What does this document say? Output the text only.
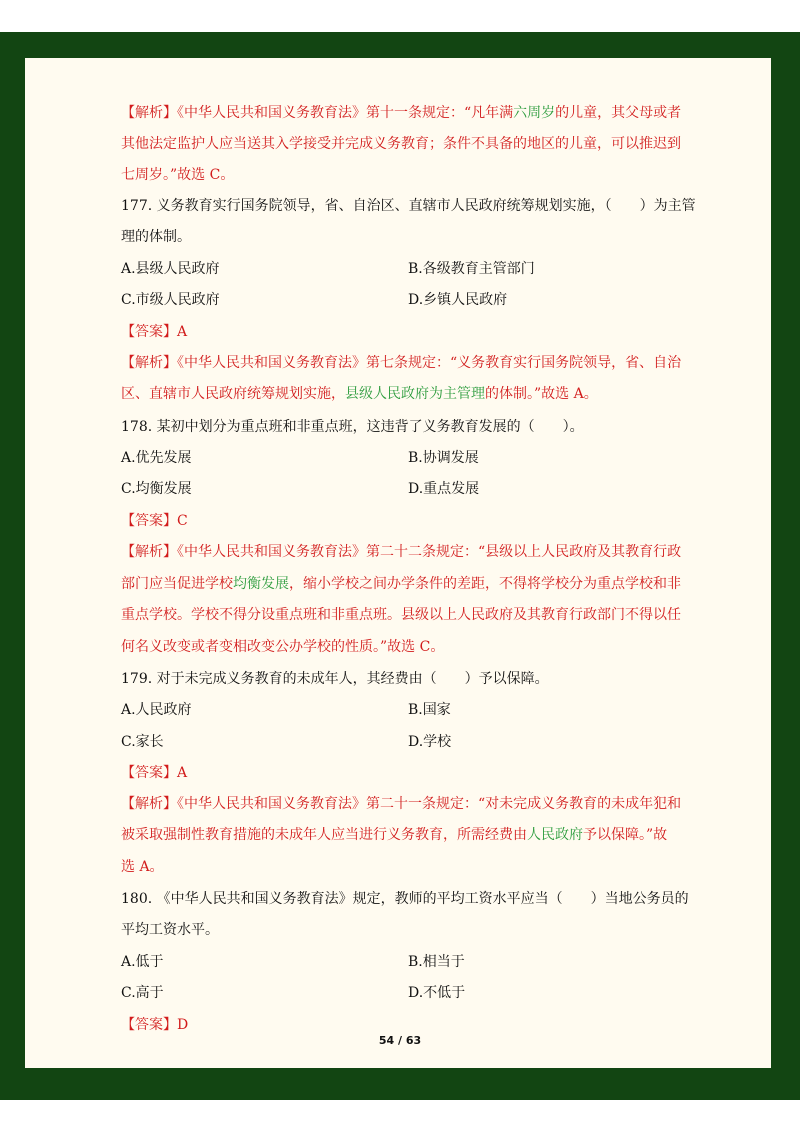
【解析】《中华人民共和国义务教育法》第十一条规定：“凡年满六周岁的儿童，其父母或者
其他法定监护人应当送其入学接受并完成义务教育；条件不具备的地区的儿童，可以推迟到
七周岁。”故选 C。
177. 义务教育实行国务院领导，省、自治区、直辖市人民政府统筹规划实施，（　　）为主管
理的体制。
A.县级人民政府	B.各级教育主管部门
C.市级人民政府	D.乡镇人民政府
【答案】A
【解析】《中华人民共和国义务教育法》第七条规定：“义务教育实行国务院领导，省、自治
区、直辖市人民政府统筹规划实施，县级人民政府为主管理的体制。”故选 A。
178. 某初中划分为重点班和非重点班，这违背了义务教育发展的（　　）。
A.优先发展	B.协调发展
C.均衡发展	D.重点发展
【答案】C
【解析】《中华人民共和国义务教育法》第二十二条规定：“县级以上人民政府及其教育行政
部门应当促进学校均衡发展，缩小学校之间办学条件的差距，不得将学校分为重点学校和非
重点学校。学校不得分设重点班和非重点班。县级以上人民政府及其教育行政部门不得以任
何名义改变或者变相改变公办学校的性质。”故选 C。
179. 对于未完成义务教育的未成年人，其经费由（　　）予以保障。
A.人民政府	B.国家
C.家长	D.学校
【答案】A
【解析】《中华人民共和国义务教育法》第二十一条规定：“对未完成义务教育的未成年犯和
被采取强制性教育措施的未成年人应当进行义务教育，所需经费由人民政府予以保障。”故
选 A。
180. 《中华人民共和国义务教育法》规定，教师的平均工资水平应当（　　）当地公务员的
平均工资水平。
A.低于	B.相当于
C.高于	D.不低于
【答案】D
54 / 63
